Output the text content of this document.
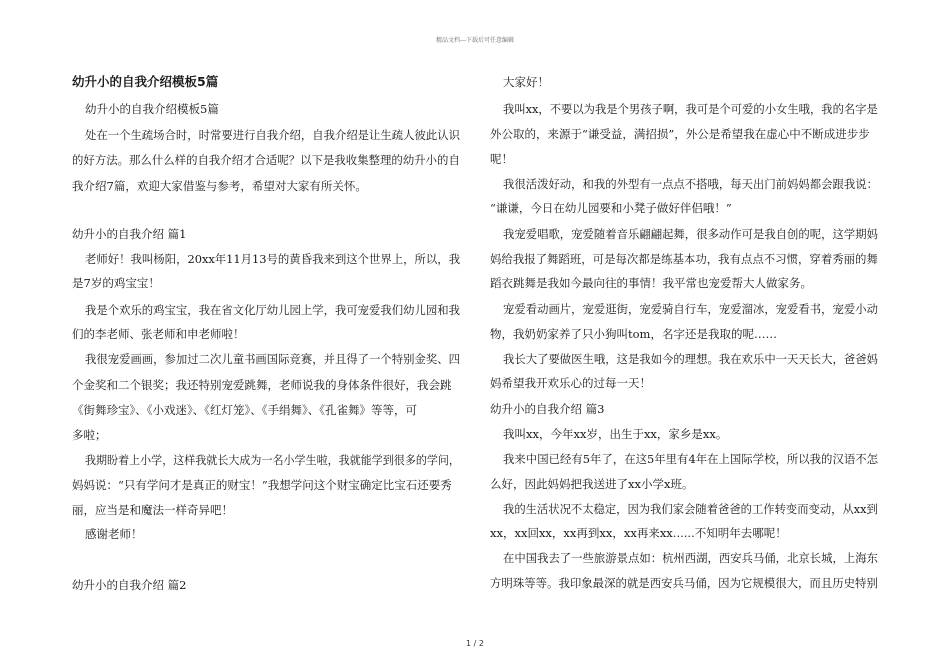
精品文档---下载后可任意编辑

幼升小的自我介绍模板5篇

幼升小的自我介绍模板5篇

处在一个生疏场合时，时常要进行自我介绍，自我介绍是让生疏人彼此认识

的好方法。那么什么样的自我介绍才合适呢？以下是我收集整理的幼升小的自

我介绍7篇，欢迎大家借鉴与参考，希望对大家有所关怀。

幼升小的自我介绍 篇1

老师好！我叫杨阳，20xx年11月13号的黄昏我来到这个世界上，所以，我

是7岁的鸡宝宝！

我是个欢乐的鸡宝宝，我在省文化厅幼儿园上学，我可宠爱我们幼儿园和我

们的李老师、张老师和申老师啦！

我很宠爱画画，参加过二次儿童书画国际竞赛，并且得了一个特别金奖、四

个金奖和二个银奖；我还特别宠爱跳舞，老师说我的身体条件很好，我会跳

《街舞珍宝》、《小戏迷》、《红灯笼》、《手绢舞》、《孔雀舞》等等，可

多啦；

我期盼着上小学，这样我就长大成为一名小学生啦，我就能学到很多的学问，

妈妈说：“只有学问才是真正的财宝！”我想学问这个财宝确定比宝石还要秀

丽，应当是和魔法一样奇异吧！

感谢老师！

幼升小的自我介绍 篇2

大家好！

我叫xx，不要以为我是个男孩子啊，我可是个可爱的小女生哦，我的名字是

外公取的，来源于“谦受益，满招损”，外公是希望我在虚心中不断成进步步

呢！

我很活泼好动，和我的外型有一点点不搭哦，每天出门前妈妈都会跟我说：

“谦谦，今日在幼儿园要和小凳子做好伴侣哦！”

我宠爱唱歌，宠爱随着音乐翩翩起舞，很多动作可是我自创的呢，这学期妈

妈给我报了舞蹈班，可是每次都是练基本功，我有点点不习惯，穿着秀丽的舞

蹈衣跳舞是我如今最向往的事情！我平常也宠爱帮大人做家务。

宠爱看动画片，宠爱逛街，宠爱骑自行车，宠爱溜冰，宠爱看书，宠爱小动

物，我奶奶家养了只小狗叫tom，名字还是我取的呢……

我长大了要做医生哦，这是我如今的理想。我在欢乐中一天天长大，爸爸妈

妈希望我开欢乐心的过每一天！

幼升小的自我介绍 篇3

我叫xx，今年xx岁，出生于xx，家乡是xx。

我来中国已经有5年了，在这5年里有4年在上国际学校，所以我的汉语不怎

么好，因此妈妈把我送进了xx小学x班。

我的生活状况不太稳定，因为我们家会随着爸爸的工作转变而变动，从xx到

xx，xx回xx，xx再到xx，xx再来xx......不知明年去哪呢！

在中国我去了一些旅游景点如：杭州西湖，西安兵马俑，北京长城，上海东

方明珠等等。我印象最深的就是西安兵马俑，因为它规模很大，而且历史特别

1 / 2
